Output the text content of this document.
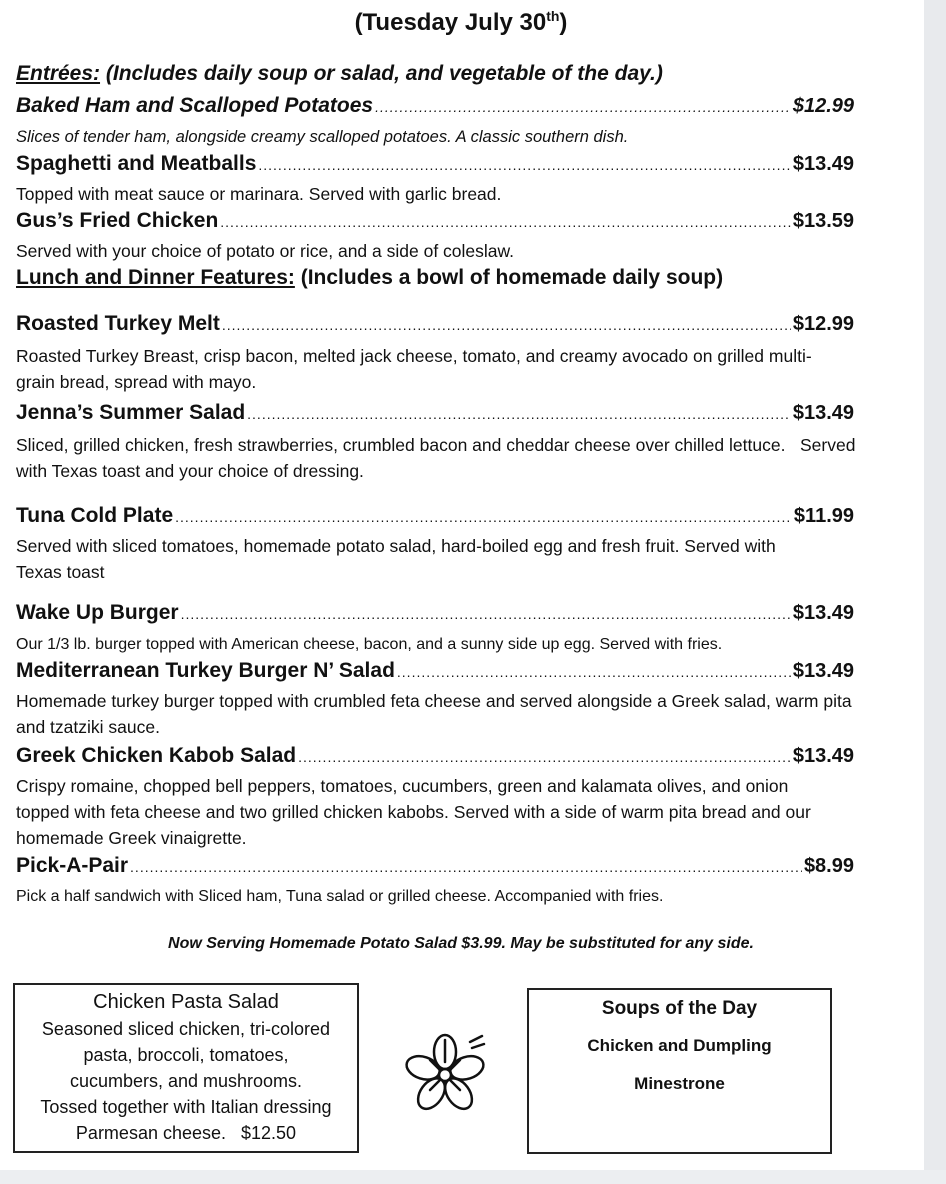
(Tuesday July 30th)
Entrées: (Includes daily soup or salad, and vegetable of the day.)
Baked Ham and Scalloped Potatoes .....	$12.99
Slices of tender ham, alongside creamy scalloped potatoes. A classic southern dish.
Spaghetti and Meatballs .....	$13.49
Topped with meat sauce or marinara. Served with garlic bread.
Gus’s Fried Chicken .....	$13.59
Served with your choice of potato or rice, and a side of coleslaw.
Lunch and Dinner Features: (Includes a bowl of homemade daily soup)
Roasted Turkey Melt .....	$12.99
Roasted Turkey Breast, crisp bacon, melted jack cheese, tomato, and creamy avocado on grilled multi-grain bread, spread with mayo.
Jenna’s Summer Salad .....	$13.49
Sliced, grilled chicken, fresh strawberries, crumbled bacon and cheddar cheese over chilled lettuce.   Served with Texas toast and your choice of dressing.
Tuna Cold Plate .....	$11.99
Served with sliced tomatoes, homemade potato salad, hard-boiled egg and fresh fruit. Served with Texas toast
Wake Up Burger .....	$13.49
Our 1/3 lb. burger topped with American cheese, bacon, and a sunny side up egg. Served with fries.
Mediterranean Turkey Burger N’ Salad .....	$13.49
Homemade turkey burger topped with crumbled feta cheese and served alongside a Greek salad, warm pita and tzatziki sauce.
Greek Chicken Kabob Salad .....	$13.49
Crispy romaine, chopped bell peppers, tomatoes, cucumbers, green and kalamata olives, and onion topped with feta cheese and two grilled chicken kabobs. Served with a side of warm pita bread and our homemade Greek vinaigrette.
Pick-A-Pair .....	$8.99
Pick a half sandwich with Sliced ham, Tuna salad or grilled cheese. Accompanied with fries.
Now Serving Homemade Potato Salad $3.99. May be substituted for any side.
Chicken Pasta Salad
Seasoned sliced chicken, tri-colored
pasta, broccoli, tomatoes,
cucumbers, and mushrooms.
Tossed together with Italian dressing
Parmesan cheese.   $12.50
Soups of the Day
Chicken and Dumpling
Minestrone
